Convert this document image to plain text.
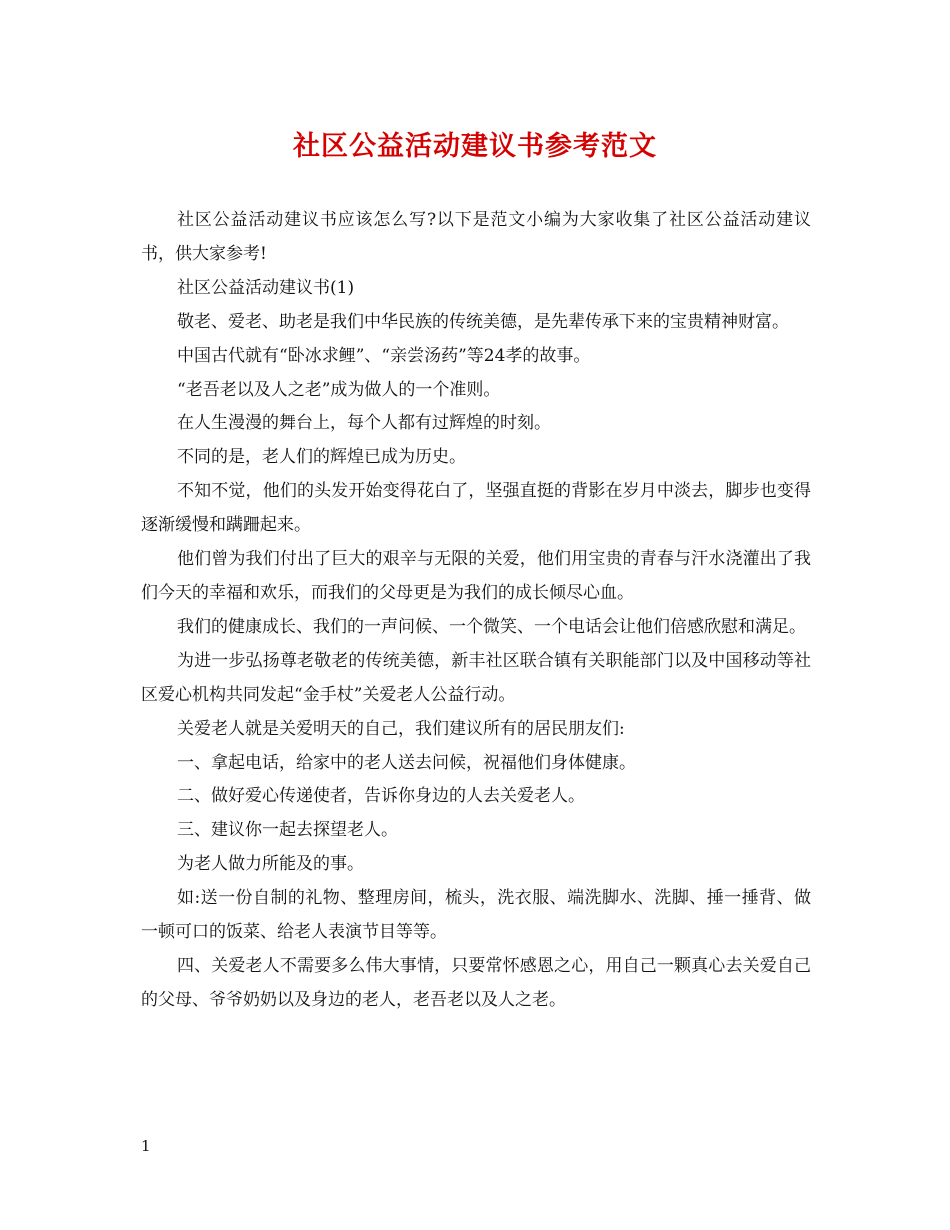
社区公益活动建议书参考范文

社区公益活动建议书应该怎么写?以下是范文小编为大家收集了社区公益活动建议书，供大家参考!

社区公益活动建议书(1)

敬老、爱老、助老是我们中华民族的传统美德，是先辈传承下来的宝贵精神财富。

中国古代就有“卧冰求鲤”、“亲尝汤药”等24孝的故事。

“老吾老以及人之老”成为做人的一个准则。

在人生漫漫的舞台上，每个人都有过辉煌的时刻。

不同的是，老人们的辉煌已成为历史。

不知不觉，他们的头发开始变得花白了，坚强直挺的背影在岁月中淡去，脚步也变得逐渐缓慢和蹒跚起来。

他们曾为我们付出了巨大的艰辛与无限的关爱，他们用宝贵的青春与汗水浇灌出了我们今天的幸福和欢乐，而我们的父母更是为我们的成长倾尽心血。

我们的健康成长、我们的一声问候、一个微笑、一个电话会让他们倍感欣慰和满足。

为进一步弘扬尊老敬老的传统美德，新丰社区联合镇有关职能部门以及中国移动等社区爱心机构共同发起“金手杖”关爱老人公益行动。

关爱老人就是关爱明天的自己，我们建议所有的居民朋友们:

一、拿起电话，给家中的老人送去问候，祝福他们身体健康。

二、做好爱心传递使者，告诉你身边的人去关爱老人。

三、建议你一起去探望老人。

为老人做力所能及的事。

如:送一份自制的礼物、整理房间，梳头，洗衣服、端洗脚水、洗脚、捶一捶背、做一顿可口的饭菜、给老人表演节目等等。

四、关爱老人不需要多么伟大事情，只要常怀感恩之心，用自己一颗真心去关爱自己的父母、爷爷奶奶以及身边的老人，老吾老以及人之老。

1
